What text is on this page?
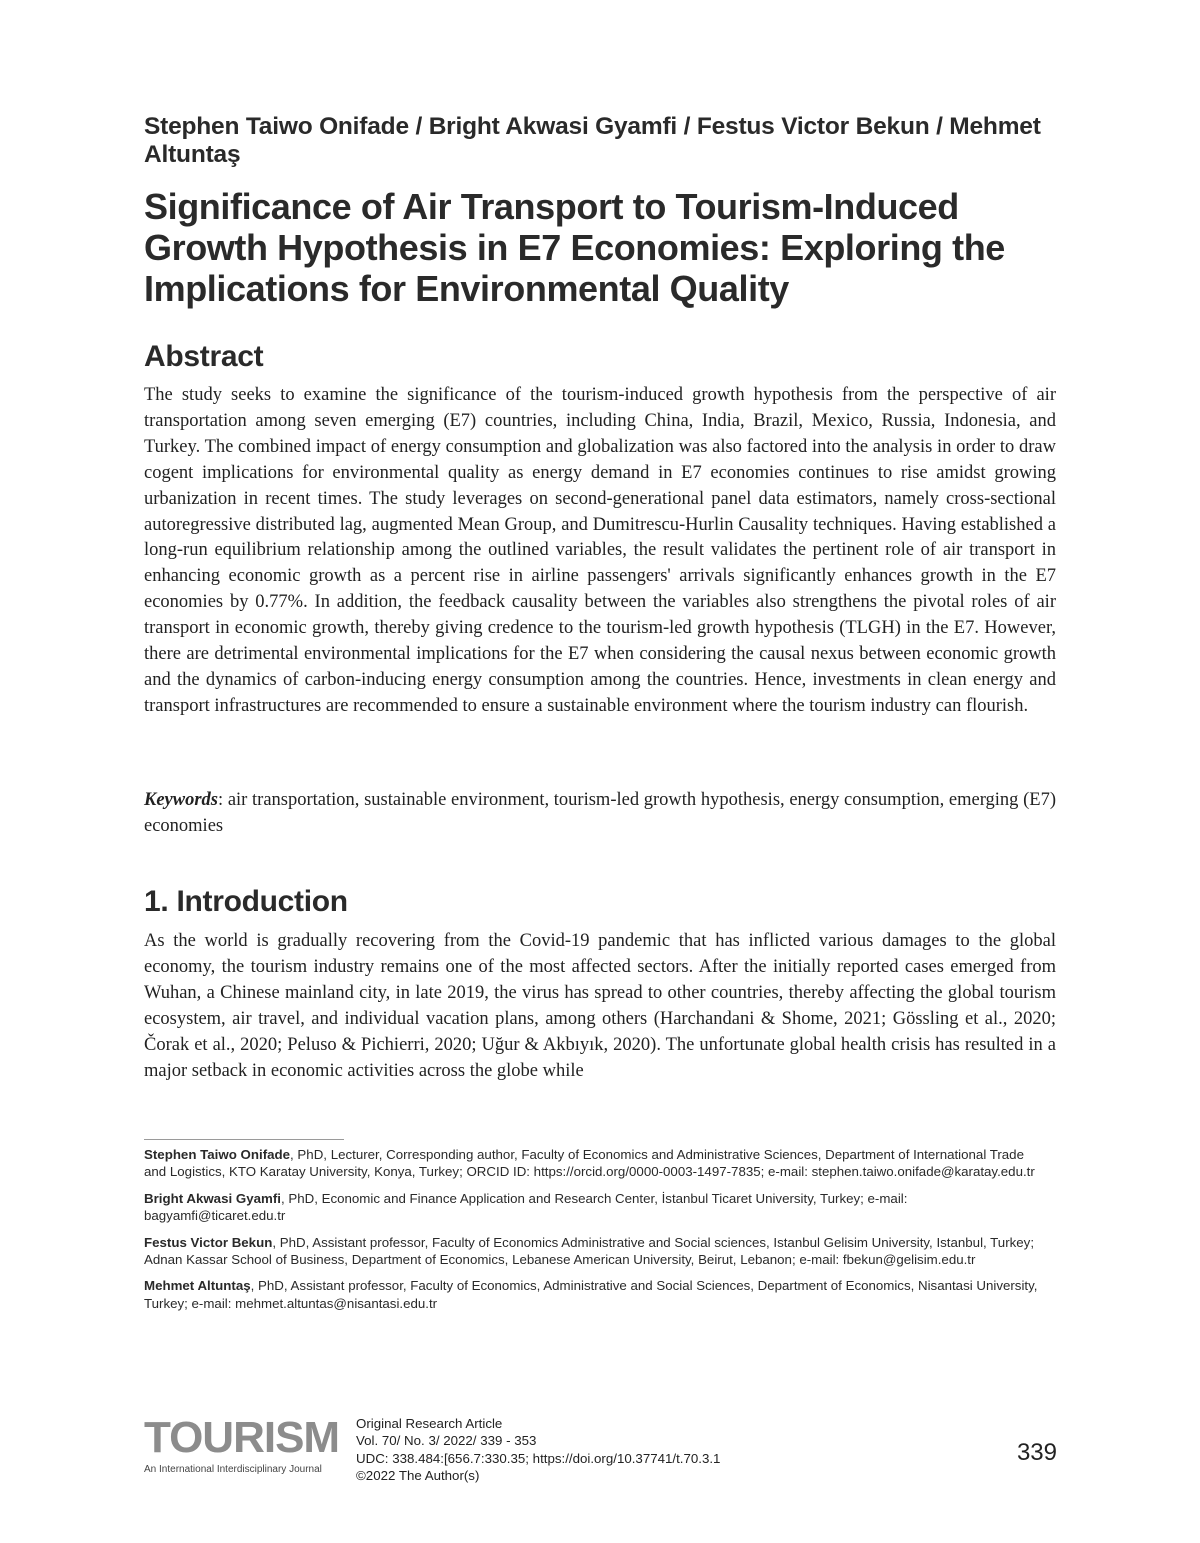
Stephen Taiwo Onifade / Bright Akwasi Gyamfi / Festus Victor Bekun / Mehmet Altuntaş
Significance of Air Transport to Tourism-Induced Growth Hypothesis in E7 Economies: Exploring the Implications for Environmental Quality
Abstract

The study seeks to examine the significance of the tourism-induced growth hypothesis from the perspective of air transportation among seven emerging (E7) countries, including China, India, Brazil, Mexico, Russia, Indonesia, and Turkey. The combined impact of energy consumption and globalization was also factored into the analysis in order to draw cogent implications for environmental quality as energy demand in E7 economies continues to rise amidst growing urbanization in recent times. The study leverages on second-generational panel data estimators, namely cross-sectional autoregressive distributed lag, augmented Mean Group, and Dumitrescu-Hurlin Causality techniques. Having established a long-run equilibrium relationship among the outlined variables, the result validates the pertinent role of air transport in enhancing economic growth as a percent rise in airline passengers' arrivals significantly enhances growth in the E7 economies by 0.77%. In addition, the feedback causality between the variables also strengthens the pivotal roles of air transport in economic growth, thereby giving credence to the tourism-led growth hypothesis (TLGH) in the E7. However, there are detrimental environmental implications for the E7 when considering the causal nexus between economic growth and the dynamics of carbon-inducing energy consumption among the countries. Hence, investments in clean energy and transport infrastructures are recommended to ensure a sustainable environment where the tourism industry can flourish.

Keywords: air transportation, sustainable environment, tourism-led growth hypothesis, energy consumption, emerging (E7) economies

1. Introduction

As the world is gradually recovering from the Covid-19 pandemic that has inflicted various damages to the global economy, the tourism industry remains one of the most affected sectors. After the initially reported cases emerged from Wuhan, a Chinese mainland city, in late 2019, the virus has spread to other countries, thereby affecting the global tourism ecosystem, air travel, and individual vacation plans, among others (Harchandani & Shome, 2021; Gössling et al., 2020; Čorak et al., 2020; Peluso & Pichierri, 2020; Uğur & Akbıyık, 2020). The unfortunate global health crisis has resulted in a major setback in economic activities across the globe while

Stephen Taiwo Onifade, PhD, Lecturer, Corresponding author, Faculty of Economics and Administrative Sciences, Department of International Trade and Logistics, KTO Karatay University, Konya, Turkey; ORCID ID: https://orcid.org/0000-0003-1497-7835; e-mail: stephen.taiwo.onifade@karatay.edu.tr

Bright Akwasi Gyamfi, PhD, Economic and Finance Application and Research Center, İstanbul Ticaret University, Turkey; e-mail: bagyamfi@ticaret.edu.tr

Festus Victor Bekun, PhD, Assistant professor, Faculty of Economics Administrative and Social sciences, Istanbul Gelisim University, Istanbul, Turkey; Adnan Kassar School of Business, Department of Economics, Lebanese American University, Beirut, Lebanon; e-mail: fbekun@gelisim.edu.tr

Mehmet Altuntaş, PhD, Assistant professor, Faculty of Economics, Administrative and Social Sciences, Department of Economics, Nisantasi University, Turkey; e-mail: mehmet.altuntas@nisantasi.edu.tr

TOURISM
An International Interdisciplinary Journal
Original Research Article
Vol. 70/ No. 3/ 2022/ 339 - 353
UDC: 338.484:[656.7:330.35; https://doi.org/10.37741/t.70.3.1
©2022 The Author(s)
339
